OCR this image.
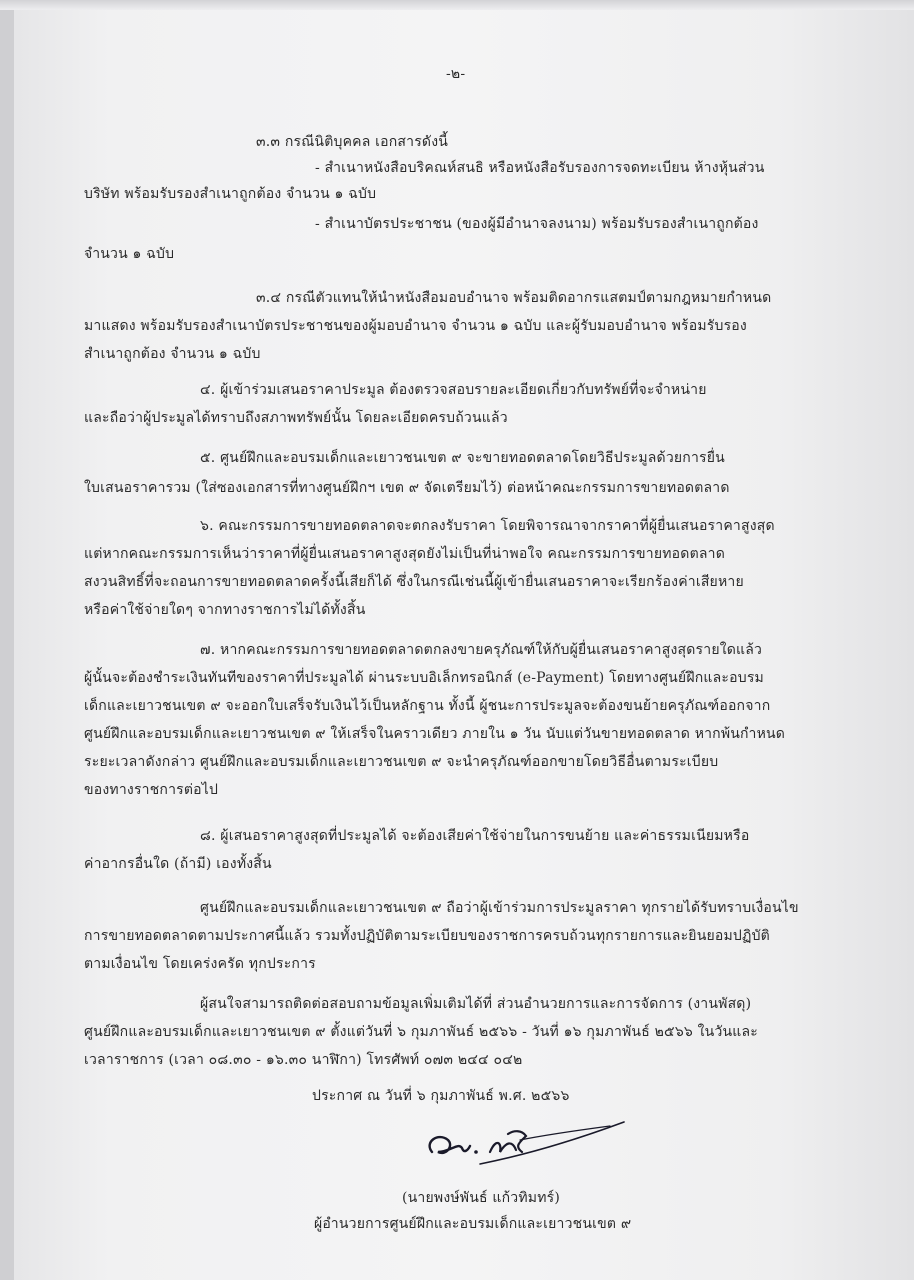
-๒-
๓.๓ กรณีนิติบุคคล เอกสารดังนี้
- สำเนาหนังสือบริคณห์สนธิ หรือหนังสือรับรองการจดทะเบียน ห้างหุ้นส่วน
บริษัท พร้อมรับรองสำเนาถูกต้อง จำนวน ๑ ฉบับ
- สำเนาบัตรประชาชน (ของผู้มีอำนาจลงนาม) พร้อมรับรองสำเนาถูกต้อง
จำนวน ๑ ฉบับ
๓.๔ กรณีตัวแทนให้นำหนังสือมอบอำนาจ พร้อมติดอากรแสตมป์ตามกฎหมายกำหนด
มาแสดง พร้อมรับรองสำเนาบัตรประชาชนของผู้มอบอำนาจ จำนวน ๑ ฉบับ และผู้รับมอบอำนาจ พร้อมรับรอง
สำเนาถูกต้อง จำนวน ๑ ฉบับ
๔. ผู้เข้าร่วมเสนอราคาประมูล ต้องตรวจสอบรายละเอียดเกี่ยวกับทรัพย์ที่จะจำหน่าย
และถือว่าผู้ประมูลได้ทราบถึงสภาพทรัพย์นั้น โดยละเอียดครบถ้วนแล้ว
๕. ศูนย์ฝึกและอบรมเด็กและเยาวชนเขต ๙ จะขายทอดตลาดโดยวิธีประมูลด้วยการยื่น
ใบเสนอราคารวม (ใส่ซองเอกสารที่ทางศูนย์ฝึกฯ เขต ๙ จัดเตรียมไว้) ต่อหน้าคณะกรรมการขายทอดตลาด
๖. คณะกรรมการขายทอดตลาดจะตกลงรับราคา โดยพิจารณาจากราคาที่ผู้ยื่นเสนอราคาสูงสุด
แต่หากคณะกรรมการเห็นว่าราคาที่ผู้ยื่นเสนอราคาสูงสุดยังไม่เป็นที่น่าพอใจ คณะกรรมการขายทอดตลาด
สงวนสิทธิ์ที่จะถอนการขายทอดตลาดครั้งนี้เสียก็ได้ ซึ่งในกรณีเช่นนี้ผู้เข้ายื่นเสนอราคาจะเรียกร้องค่าเสียหาย
หรือค่าใช้จ่ายใดๆ จากทางราชการไม่ได้ทั้งสิ้น
๗. หากคณะกรรมการขายทอดตลาดตกลงขายครุภัณฑ์ให้กับผู้ยื่นเสนอราคาสูงสุดรายใดแล้ว
ผู้นั้นจะต้องชำระเงินทันทีของราคาที่ประมูลได้ ผ่านระบบอิเล็กทรอนิกส์ (e-Payment) โดยทางศูนย์ฝึกและอบรม
เด็กและเยาวชนเขต ๙ จะออกใบเสร็จรับเงินไว้เป็นหลักฐาน ทั้งนี้ ผู้ชนะการประมูลจะต้องขนย้ายครุภัณฑ์ออกจาก
ศูนย์ฝึกและอบรมเด็กและเยาวชนเขต ๙ ให้เสร็จในคราวเดียว ภายใน ๑ วัน นับแต่วันขายทอดตลาด หากพ้นกำหนด
ระยะเวลาดังกล่าว ศูนย์ฝึกและอบรมเด็กและเยาวชนเขต ๙ จะนำครุภัณฑ์ออกขายโดยวิธีอื่นตามระเบียบ
ของทางราชการต่อไป
๘. ผู้เสนอราคาสูงสุดที่ประมูลได้ จะต้องเสียค่าใช้จ่ายในการขนย้าย และค่าธรรมเนียมหรือ
ค่าอากรอื่นใด (ถ้ามี) เองทั้งสิ้น
ศูนย์ฝึกและอบรมเด็กและเยาวชนเขต ๙ ถือว่าผู้เข้าร่วมการประมูลราคา ทุกรายได้รับทราบเงื่อนไข
การขายทอดตลาดตามประกาศนี้แล้ว รวมทั้งปฏิบัติตามระเบียบของราชการครบถ้วนทุกรายการและยินยอมปฏิบัติ
ตามเงื่อนไข โดยเคร่งครัด ทุกประการ
ผู้สนใจสามารถติดต่อสอบถามข้อมูลเพิ่มเติมได้ที่ ส่วนอำนวยการและการจัดการ (งานพัสดุ)
ศูนย์ฝึกและอบรมเด็กและเยาวชนเขต ๙ ตั้งแต่วันที่ ๖ กุมภาพันธ์ ๒๕๖๖ - วันที่ ๑๖ กุมภาพันธ์ ๒๕๖๖ ในวันและ
เวลาราชการ (เวลา ๐๘.๓๐ - ๑๖.๓๐ นาฬิกา) โทรศัพท์ ๐๗๓ ๒๔๔ ๐๔๒
ประกาศ ณ วันที่ ๖ กุมภาพันธ์ พ.ศ. ๒๕๖๖
(นายพงษ์พันธ์ แก้วทิมทร์)
ผู้อำนวยการศูนย์ฝึกและอบรมเด็กและเยาวชนเขต ๙
